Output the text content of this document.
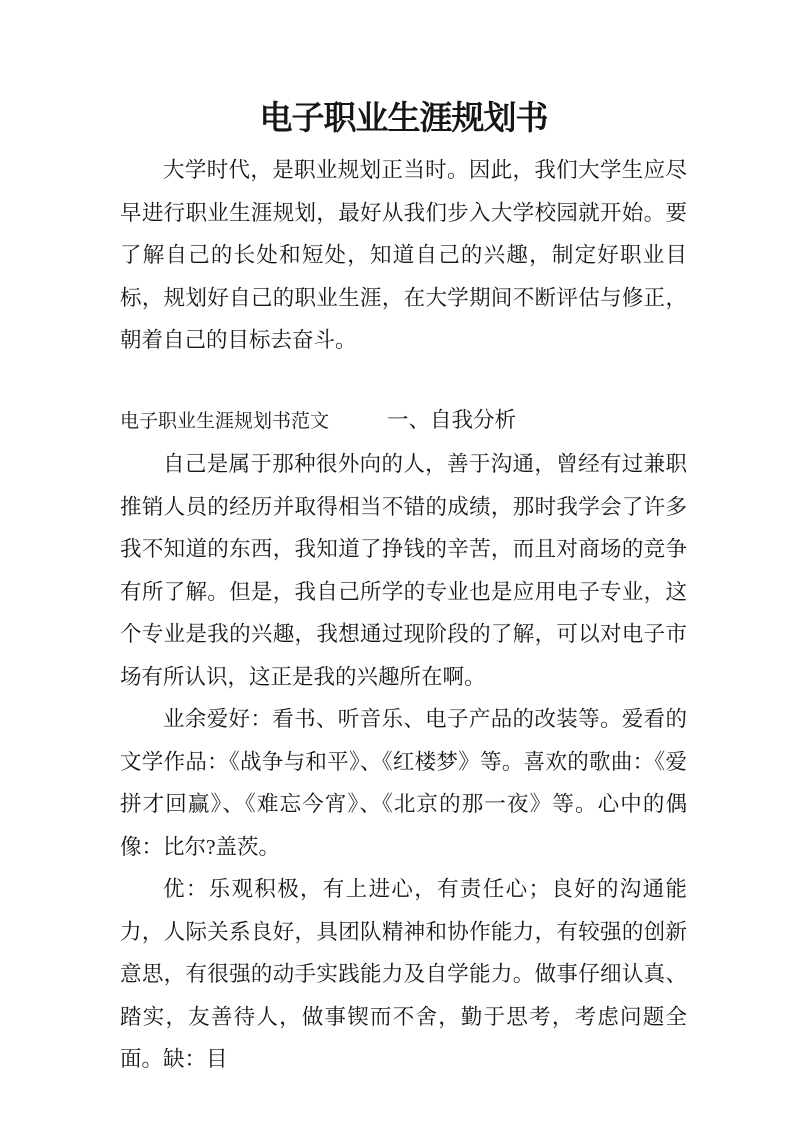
电子职业生涯规划书

大学时代，是职业规划正当时。因此，我们大学生应尽早进行职业生涯规划，最好从我们步入大学校园就开始。要了解自己的长处和短处，知道自己的兴趣，制定好职业目标，规划好自己的职业生涯，在大学期间不断评估与修正，朝着自己的目标去奋斗。

电子职业生涯规划书范文	一、自我分析

自己是属于那种很外向的人，善于沟通，曾经有过兼职推销人员的经历并取得相当不错的成绩，那时我学会了许多我不知道的东西，我知道了挣钱的辛苦，而且对商场的竞争有所了解。但是，我自己所学的专业也是应用电子专业，这个专业是我的兴趣，我想通过现阶段的了解，可以对电子市场有所认识，这正是我的兴趣所在啊。

业余爱好：看书、听音乐、电子产品的改装等。爱看的文学作品：《战争与和平》、《红楼梦》等。喜欢的歌曲：《爱拼才回赢》、《难忘今宵》、《北京的那一夜》等。心中的偶像：比尔?盖茨。

优：乐观积极，有上进心，有责任心；良好的沟通能力，人际关系良好，具团队精神和协作能力，有较强的创新意思，有很强的动手实践能力及自学能力。做事仔细认真、踏实，友善待人，做事锲而不舍，勤于思考，考虑问题全面。缺：目
